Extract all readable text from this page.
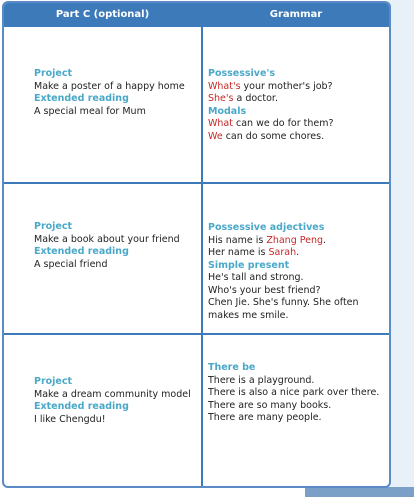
Part C (optional)	Grammar
Project
Make a poster of a happy home
Extended reading
A special meal for Mum
Possessive's
What's your mother's job?
She's a doctor.
Modals
What can we do for them?
We can do some chores.
Project
Make a book about your friend
Extended reading
A special friend
Possessive adjectives
His name is Zhang Peng.
Her name is Sarah.
Simple present
He's tall and strong.
Who's your best friend?
Chen Jie. She's funny. She often makes me smile.
Project
Make a dream community model
Extended reading
I like Chengdu!
There be
There is a playground.
There is also a nice park over there.
There are so many books.
There are many people.
